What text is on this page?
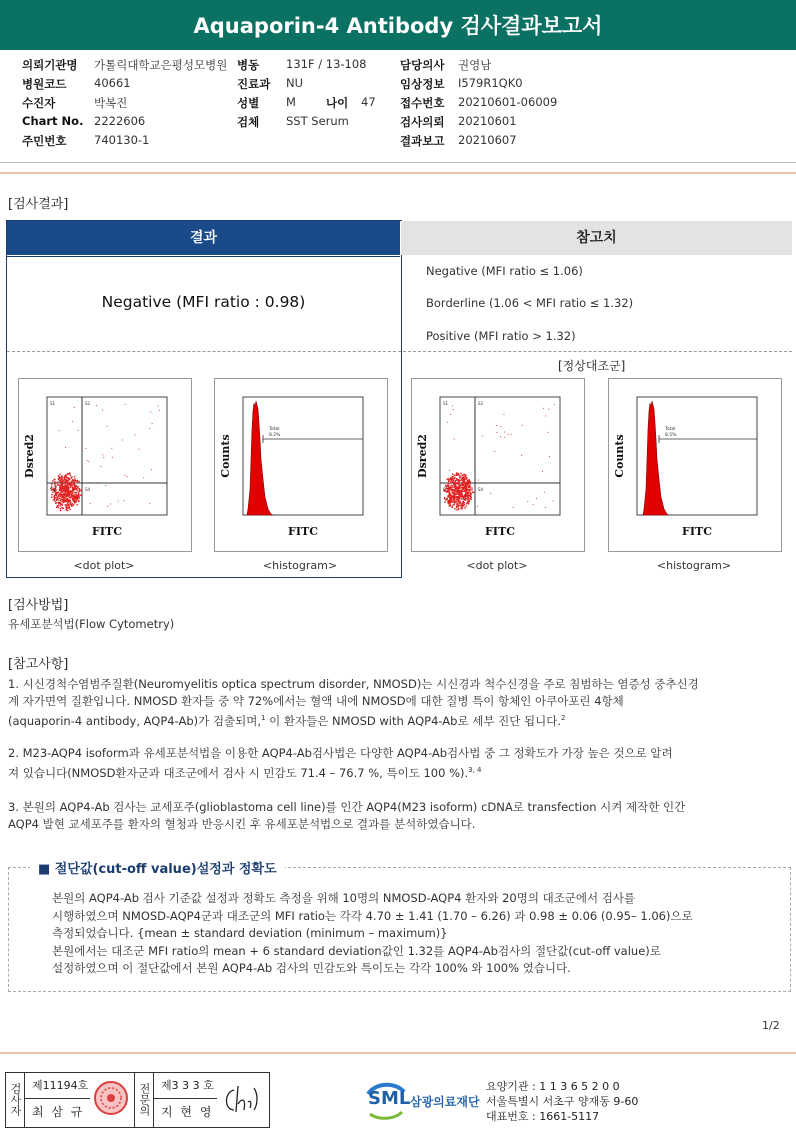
Aquaporin-4 Antibody 검사결과보고서
의뢰기관명 가톨릭대학교은평성모병원
병원코드 40661
수진자	박복진
Chart No. 2222606
주민번호 740130-1
병동 131F / 13-108
진료과 NU
성별 M	나이 47
검체 SST Serum
담당의사 권영남
임상정보 I579R1QK0
접수번호 20210601-06009
검사의뢰 20210601
결과보고 20210607
[검사결과]
결과	참고치
Negative (MFI ratio : 0.98)
Negative (MFI ratio ≤ 1.06)
Borderline (1.06 < MFI ratio ≤ 1.32)
Positive (MFI ratio > 1.32)
[정상대조군]
S1	S2
S3	S4
Dsred2
FITC
Total
8.2%
Counts
FITC
S1	S2
S3	S4
Dsred2
FITC
Total
8.5%
Counts
FITC
<dot plot>	<histogram>	<dot plot>	<histogram>
[검사방법]
유세포분석법(Flow Cytometry)
[참고사항]
1. 시신경척수염범주질환(Neuromyelitis optica spectrum disorder, NMOSD)는 시신경과 척수신경을 주로 침범하는 염증성 중추신경
계 자가면역 질환입니다. NMOSD 환자들 중 약 72%에서는 혈액 내에 NMOSD에 대한 질병 특이 항체인 아쿠아포린 4항체
(aquaporin-4 antibody, AQP4-Ab)가 검출되며,$^1$ 이 환자들은 NMOSD with AQP4-Ab로 세부 진단 됩니다.$^2$
2. M23-AQP4 isoform과 유세포분석법을 이용한 AQP4-Ab검사법은 다양한 AQP4-Ab검사법 중 그 정확도가 가장 높은 것으로 알려
져 있습니다(NMOSD환자군과 대조군에서 검사 시 민감도 71.4 – 76.7 %, 특이도 100 %).$^{3, 4}$
3. 본원의 AQP4-Ab 검사는 교세포주(glioblastoma cell line)를 인간 AQP4(M23 isoform) cDNA로 transfection 시켜 제작한 인간
AQP4 발현 교세포주를 환자의 혈청과 반응시킨 후 유세포분석법으로 결과를 분석하였습니다.
■ 절단값(cut-off value)설정과 정확도
본원의 AQP4-Ab 검사 기준값 설정과 정확도 측정을 위해 10명의 NMOSD-AQP4 환자와 20명의 대조군에서 검사를
시행하였으며 NMOSD-AQP4군과 대조군의 MFI ratio는 각각 4.70 ± 1.41 (1.70 – 6.26) 과 0.98 ± 0.06 (0.95– 1.06)으로
측정되었습니다. {mean ± standard deviation (minimum – maximum)}
본원에서는 대조군 MFI ratio의 mean + 6 standard deviation값인 1.32를 AQP4-Ab검사의 절단값(cut-off value)로
설정하였으며 이 절단값에서 본원 AQP4-Ab 검사의 민감도와 특이도는 각각 100% 와 100% 였습니다.
1/2
검사자 제11194호
최 삼 규	전문의 제3 3 3 호
지 현 영
SML 삼광의료재단
요양기관 : 1 1 3 6 5 2 0 0
서울특별시 서초구 양재동 9-60
대표번호 : 1661-5117
